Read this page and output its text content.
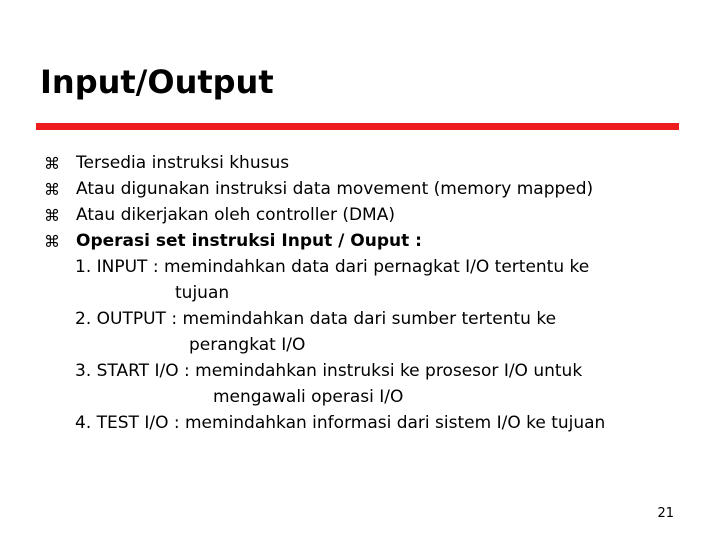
Input/Output
⌘ Tersedia instruksi khusus
⌘ Atau digunakan instruksi data movement (memory mapped)
⌘ Atau dikerjakan oleh controller (DMA)
⌘ Operasi set instruksi Input / Ouput :
1. INPUT : memindahkan data dari pernagkat I/O tertentu ke
tujuan
2. OUTPUT : memindahkan data dari sumber tertentu ke
perangkat I/O
3. START I/O : memindahkan instruksi ke prosesor I/O untuk
mengawali operasi I/O
4. TEST I/O : memindahkan informasi dari sistem I/O ke tujuan
21
